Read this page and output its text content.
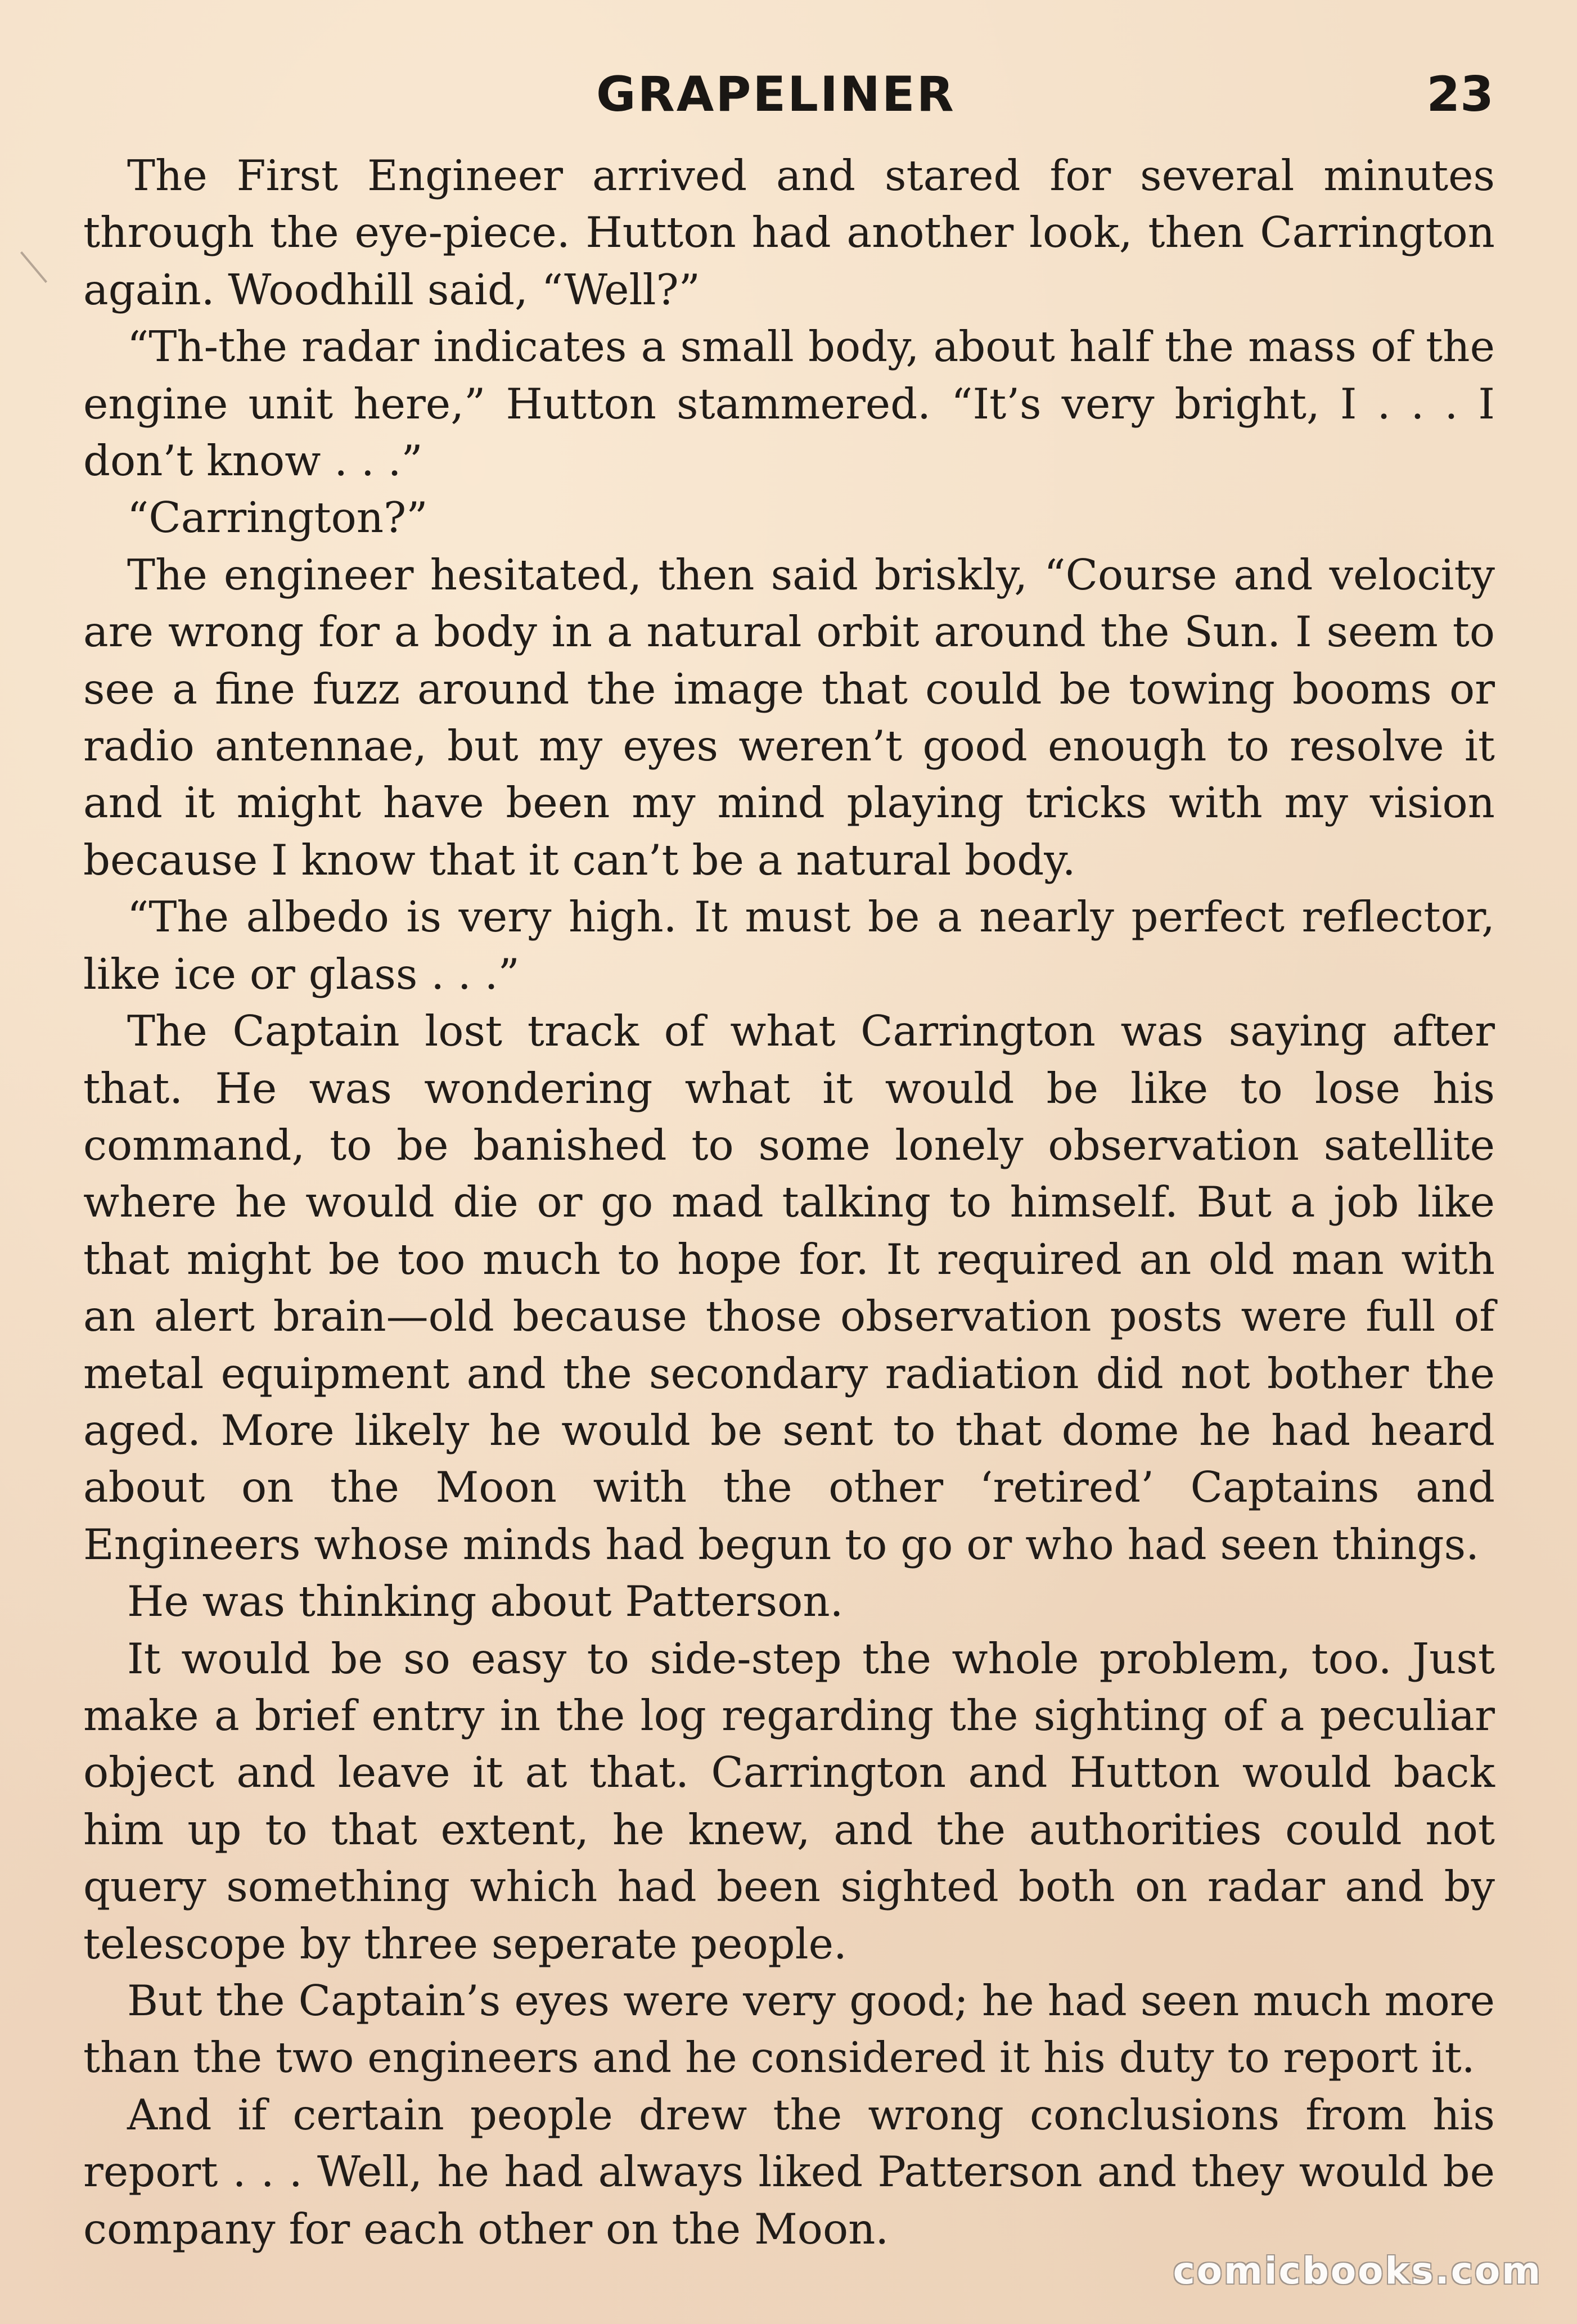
GRAPELINER	23

The First Engineer arrived and stared for several minutes through the eye-piece. Hutton had another look, then Carrington again. Woodhill said, “Well?”

“Th-the radar indicates a small body, about half the mass of the engine unit here,” Hutton stammered. “It’s very bright, I . . . I don’t know . . .”

“Carrington?”

The engineer hesitated, then said briskly, “Course and velocity are wrong for a body in a natural orbit around the Sun. I seem to see a fine fuzz around the image that could be towing booms or radio antennae, but my eyes weren’t good enough to resolve it and it might have been my mind playing tricks with my vision because I know that it can’t be a natural body.

“The albedo is very high. It must be a nearly perfect reflector, like ice or glass . . .”

The Captain lost track of what Carrington was saying after that. He was wondering what it would be like to lose his command, to be banished to some lonely observation satellite where he would die or go mad talking to himself. But a job like that might be too much to hope for. It required an old man with an alert brain—old because those observation posts were full of metal equipment and the secondary radiation did not bother the aged. More likely he would be sent to that dome he had heard about on the Moon with the other ‘retired’ Captains and Engineers whose minds had begun to go or who had seen things.

He was thinking about Patterson.

It would be so easy to side-step the whole problem, too. Just make a brief entry in the log regarding the sighting of a peculiar object and leave it at that. Carrington and Hutton would back him up to that extent, he knew, and the authorities could not query something which had been sighted both on radar and by telescope by three seperate people.

But the Captain’s eyes were very good; he had seen much more than the two engineers and he considered it his duty to report it.

And if certain people drew the wrong conclusions from his report . . . Well, he had always liked Patterson and they would be company for each other on the Moon.

comicbooks.com
